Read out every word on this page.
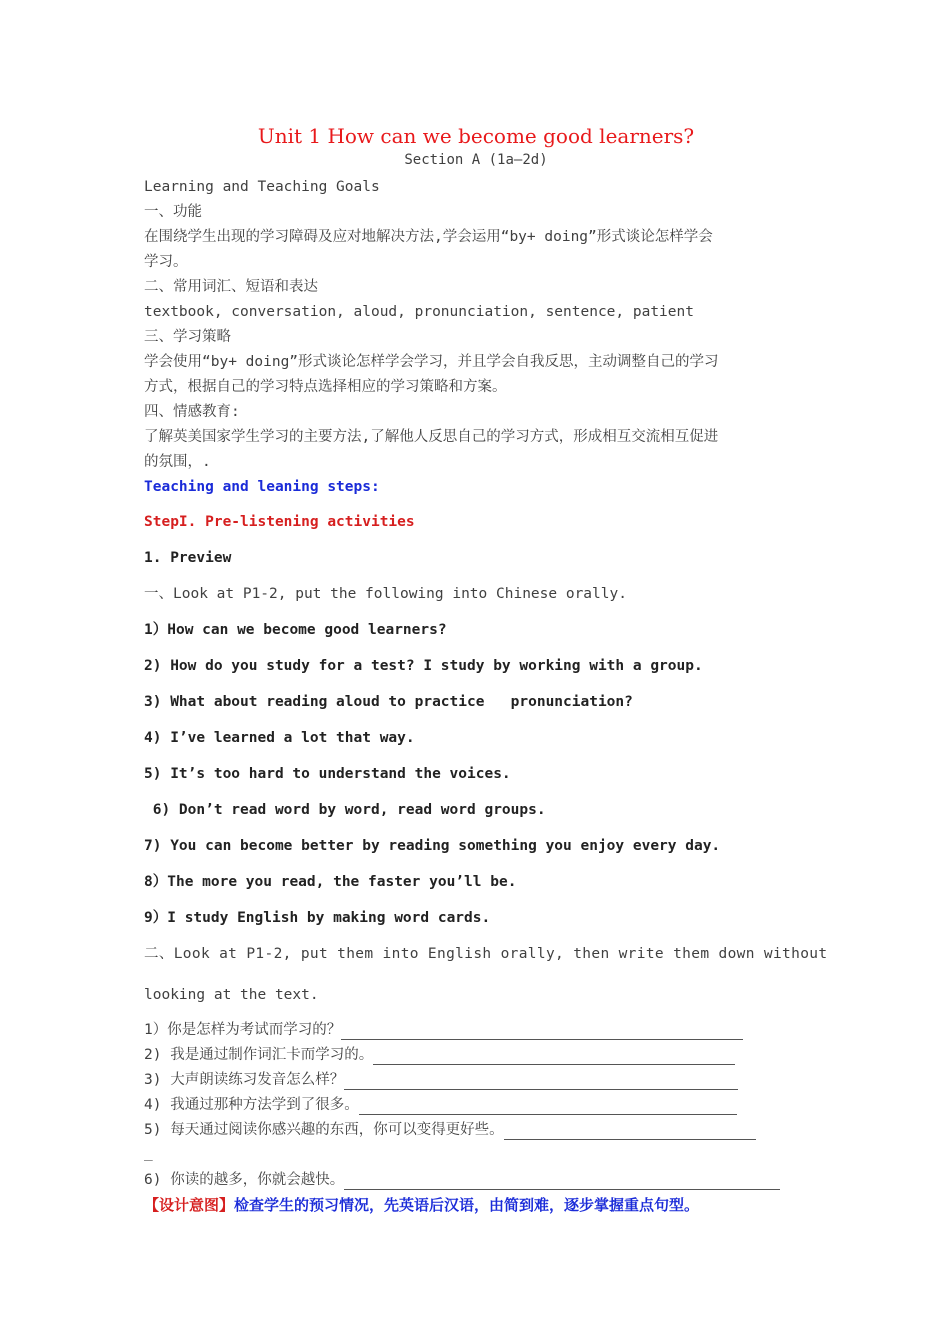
Unit 1 How can we become good learners?
Section A (1a—2d)
Learning and Teaching Goals
一、功能
在围绕学生出现的学习障碍及应对地解决方法,学会运用“by+ doing”形式谈论怎样学会
学习。
二、常用词汇、短语和表达
textbook, conversation, aloud, pronunciation, sentence, patient
三、学习策略
学会使用“by+ doing”形式谈论怎样学会学习，并且学会自我反思，主动调整自己的学习
方式，根据自己的学习特点选择相应的学习策略和方案。
四、情感教育:
了解英美国家学生学习的主要方法,了解他人反思自己的学习方式，形成相互交流相互促进
的氛围，.
Teaching and leaning steps:
StepI. Pre-listening activities
1. Preview
一、Look at P1-2, put the following into Chinese orally.
1）How can we become good learners?
2) How do you study for a test? I study by working with a group.
3) What about reading aloud to practice   pronunciation?
4) I’ve learned a lot that way.
5) It’s too hard to understand the voices.
6) Don’t read word by word, read word groups.
7) You can become better by reading something you enjoy every day.
8）The more you read, the faster you’ll be.
9）I study English by making word cards.
二、Look at P1-2, put them into English orally, then write them down without
looking at the text.
1）你是怎样为考试而学习的？
2) 我是通过制作词汇卡而学习的。
3) 大声朗读练习发音怎么样？
4) 我通过那种方法学到了很多。
5) 每天通过阅读你感兴趣的东西，你可以变得更好些。
_
6) 你读的越多，你就会越快。
【设计意图】检查学生的预习情况，先英语后汉语，由简到难，逐步掌握重点句型。
